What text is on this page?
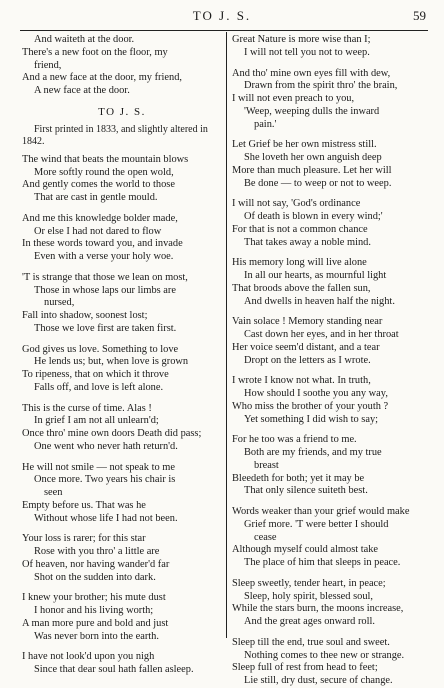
TO J. S.	59
And waiteth at the door.
There's a new foot on the floor, my
friend,
And a new face at the door, my friend,
A new face at the door.
TO J. S.
First printed in 1833, and slightly altered in 1842.
The wind that beats the mountain blows
More softly round the open wold,
And gently comes the world to those
That are cast in gentle mould.
And me this knowledge bolder made,
Or else I had not dared to flow
In these words toward you, and invade
Even with a verse your holy woe.
'T is strange that those we lean on most,
Those in whose laps our limbs are
nursed,
Fall into shadow, soonest lost;
Those we love first are taken first.
God gives us love. Something to love
He lends us; but, when love is grown
To ripeness, that on which it throve
Falls off, and love is left alone.
This is the curse of time. Alas !
In grief I am not all unlearn'd;
Once thro' mine own doors Death did pass;
One went who never hath return'd.
He will not smile — not speak to me
Once more. Two years his chair is
seen
Empty before us. That was he
Without whose life I had not been.
Your loss is rarer; for this star
Rose with you thro' a little are
Of heaven, nor having wander'd far
Shot on the sudden into dark.
I knew your brother; his mute dust
I honor and his living worth;
A man more pure and bold and just
Was never born into the earth.
I have not look'd upon you nigh
Since that dear soul hath fallen asleep.
Great Nature is more wise than I;
I will not tell you not to weep.
And tho' mine own eyes fill with dew,
Drawn from the spirit thro' the brain,
I will not even preach to you,
'Weep, weeping dulls the inward
pain.'
Let Grief be her own mistress still.
She loveth her own anguish deep
More than much pleasure. Let her will
Be done — to weep or not to weep.
I will not say, 'God's ordinance
Of death is blown in every wind;'
For that is not a common chance
That takes away a noble mind.
His memory long will live alone
In all our hearts, as mournful light
That broods above the fallen sun,
And dwells in heaven half the night.
Vain solace ! Memory standing near
Cast down her eyes, and in her throat
Her voice seem'd distant, and a tear
Dropt on the letters as I wrote.
I wrote I know not what. In truth,
How should I soothe you any way,
Who miss the brother of your youth ?
Yet something I did wish to say;
For he too was a friend to me.
Both are my friends, and my true
breast
Bleedeth for both; yet it may be
That only silence suiteth best.
Words weaker than your grief would make
Grief more. 'T were better I should
cease
Although myself could almost take
The place of him that sleeps in peace.
Sleep sweetly, tender heart, in peace;
Sleep, holy spirit, blessed soul,
While the stars burn, the moons increase,
And the great ages onward roll.
Sleep till the end, true soul and sweet.
Nothing comes to thee new or strange.
Sleep full of rest from head to feet;
Lie still, dry dust, secure of change.
